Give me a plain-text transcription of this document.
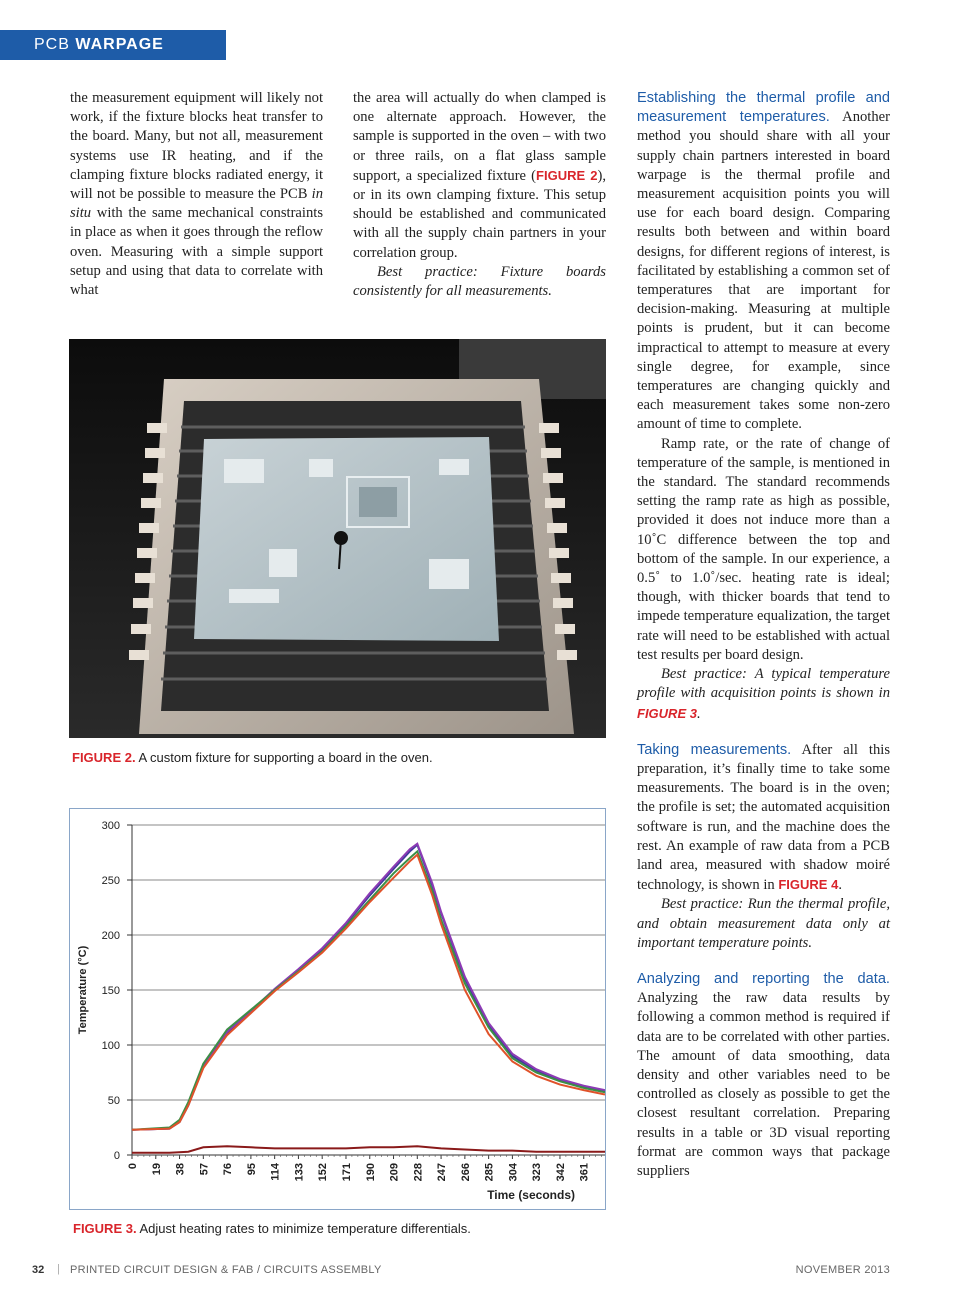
PCB WARPAGE

the measurement equipment will likely not work, if the fixture blocks heat transfer to the board. Many, but not all, measurement systems use IR heating, and if the clamping fixture blocks radiated energy, it will not be possible to measure the PCB in situ with the same mechanical constraints in place as when it goes through the reflow oven. Measuring with a simple support setup and using that data to correlate with what

the area will actually do when clamped is one alternate approach. However, the sample is supported in the oven – with two or three rails, on a flat glass sample support, a specialized fixture (FIGURE 2), or in its own clamping fixture. This setup should be established and communicated with all the supply chain partners in your correlation group.

Best practice: Fixture boards consistently for all measurements.

Establishing the thermal profile and measurement temperatures. Another method you should share with all your supply chain partners interested in board warpage is the thermal profile and measurement acquisition points you will use for each board design. Comparing results both between and within board designs, for different regions of interest, is facilitated by establishing a common set of temperatures that are important for decision-making. Measuring at multiple points is prudent, but it can become impractical to attempt to measure at every single degree, for example, since temperatures are changing quickly and each measurement takes some non-zero amount of time to complete.

Ramp rate, or the rate of change of temperature of the sample, is mentioned in the standard. The standard recommends setting the ramp rate as high as possible, provided it does not induce more than a 10˚C difference between the top and bottom of the sample. In our experience, a 0.5˚ to 1.0˚/sec. heating rate is ideal; though, with thicker boards that tend to impede temperature equalization, the target rate will need to be established with actual test results per board design.

Best practice: A typical temperature profile with acquisition points is shown in FIGURE 3.

Taking measurements. After all this preparation, it’s finally time to take some measurements. The board is in the oven; the profile is set; the automated acquisition software is run, and the machine does the rest. An example of raw data from a PCB land area, measured with shadow moiré technology, is shown in FIGURE 4.

Best practice: Run the thermal profile, and obtain measurement data only at important temperature points.

Analyzing and reporting the data. Analyzing the raw data results by following a common method is required if data are to be correlated with other parties. The amount of data smoothing, data density and other variables need to be controlled as closely as possible to get the closest resultant correlation. Preparing results in a table or 3D visual reporting format are common ways that package suppliers

FIGURE 2. A custom fixture for supporting a board in the oven.
0
50
100
150
200
250
300
0 19 38 57 76 95 114 133 152 171 190 209 228 247 266 285 304 323 342 361
Temperature (°C)
Time (seconds)
FIGURE 3. Adjust heating rates to minimize temperature differentials.
32 | PRINTED CIRCUIT DESIGN & FAB / CIRCUITS ASSEMBLY	NOVEMBER 2013
